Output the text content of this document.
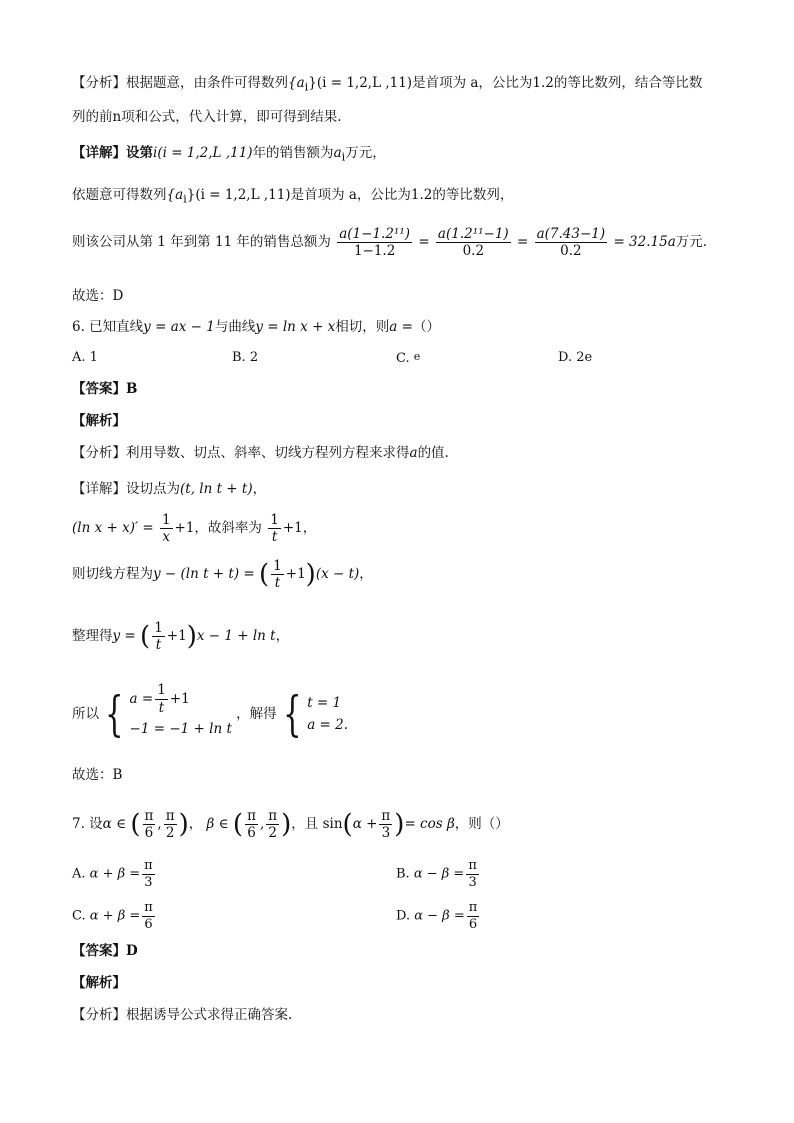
【分析】根据题意，由条件可得数列$\{a_i\}(i = 1,2,L$ ,11)是首项为 a，公比为1.2的等比数列，结合等比数
列的前n项和公式，代入计算，即可得到结果.
【详解】设第i(i = 1,2,L ,11)年的销售额为$a_i$万元，
依题意可得数列$\{a_i\}(i = 1,2,L$ ,11)是首项为 a，公比为1.2的等比数列，
则该公司从第 1 年到第 11 年的销售总额为 $\frac{\text{a(1−1.2¹¹)}}{1-1.2} = \frac{\text{a(1.2¹¹−1)}}{0.2} = \frac{a(7.43-1)}{0.2} = 32.15a$万元.
故选：D
6. 已知直线y = ax − 1与曲线y = ln x + x相切，则a =（）
A. 1	B. 2	C. e	D. 2e
【答案】B
【解析】
【分析】利用导数、切点、斜率、切线方程列方程来求得a的值.
【详解】设切点为(t, ln t + t)，
(ln $x + x)' = \frac{1}{x} +1$，故斜率为 $\frac{1}{t} +1$，
则切线方程为y − (ln t + t) = ( $\frac{1}{t} +1)(x - t)$，
整理得y = ( $\frac{1}{t} +1)x - 1 + \ln t$，
所以 { $a = \frac{1}{t} +1$
−1 = −1 + ln t
，解得 { t = 1
a = 2.
故选：B
7. 设α ∈ ( $\frac{\pi}{6}$ , $\frac{\pi}{2}$ )， β ∈ ( $\frac{\pi}{6}$ , $\frac{\pi}{2}$ )，且 $\sin(\alpha + \frac{\pi}{3}$ )= cos β，则（）
A. $\alpha + \beta = \frac{\pi}{3}$	B. $\alpha - \beta = \frac{\pi}{3}$
C. $\alpha + \beta = \frac{\pi}{6}$	D. $\alpha - \beta = \frac{\pi}{6}$
【答案】D
【解析】
【分析】根据诱导公式求得正确答案.
